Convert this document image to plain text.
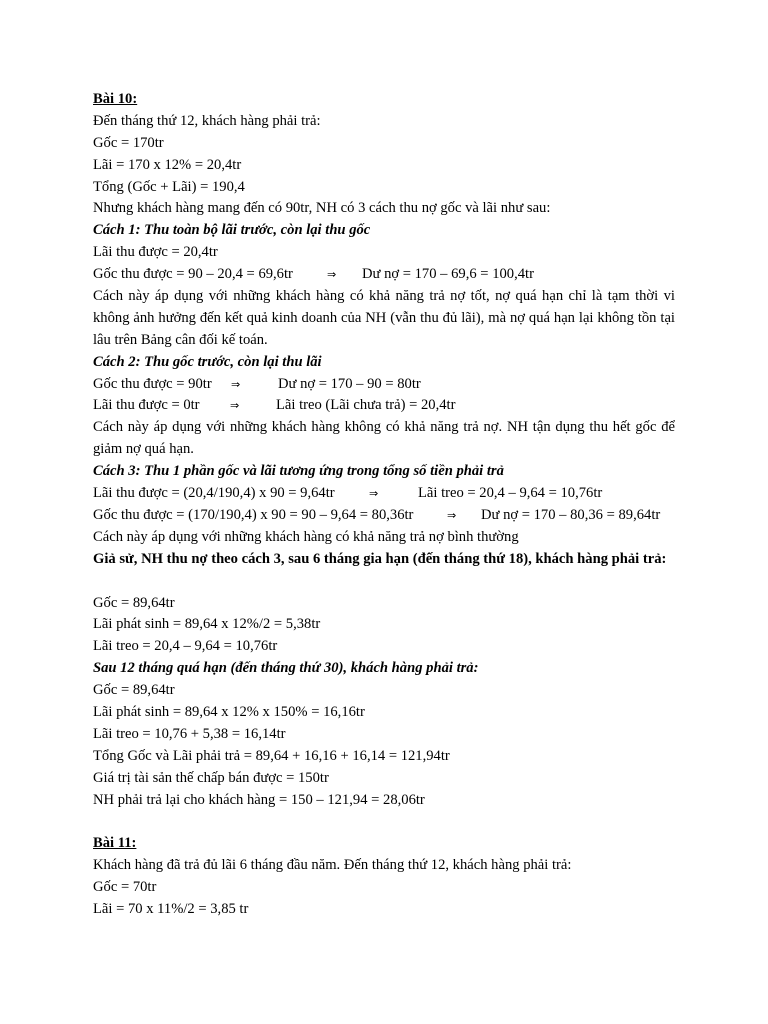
Bài 10:
Đến tháng thứ 12, khách hàng phải trả:
Gốc = 170tr
Lãi = 170 x 12% = 20,4tr
Tổng (Gốc + Lãi) = 190,4
Nhưng khách hàng mang đến có 90tr, NH có 3 cách thu nợ gốc và lãi như sau:
Cách 1: Thu toàn bộ lãi trước, còn lại thu gốc
Lãi thu được = 20,4tr
Gốc thu được = 90 – 20,4 = 69,6tr	⇒ Dư nợ = 170 – 69,6 = 100,4tr
Cách này áp dụng với những khách hàng có khả năng trả nợ tốt, nợ quá hạn chỉ là tạm thời vi không ảnh hưởng đến kết quả kinh doanh của NH (vẫn thu đủ lãi), mà nợ quá hạn lại không tồn tại lâu trên Bảng cân đối kế toán.
Cách 2: Thu gốc trước, còn lại thu lãi
Gốc thu được = 90tr ⇒	Dư nợ = 170 – 90 = 80tr
Lãi thu được = 0tr	⇒	Lãi treo (Lãi chưa trả) = 20,4tr
Cách này áp dụng với những khách hàng không có khả năng trả nợ. NH tận dụng thu hết gốc để giảm nợ quá hạn.
Cách 3: Thu 1 phần gốc và lãi tương ứng trong tổng số tiền phải trả
Lãi thu được = (20,4/190,4) x 90 = 9,64tr	⇒	Lãi treo = 20,4 – 9,64 = 10,76tr
Gốc thu được = (170/190,4) x 90 = 90 – 9,64 = 80,36tr	⇒ Dư nợ = 170 – 80,36 = 89,64tr
Cách này áp dụng với những khách hàng có khả năng trả nợ bình thường
Giả sử, NH thu nợ theo cách 3, sau 6 tháng gia hạn (đến tháng thứ 18), khách hàng phải trả:
Gốc = 89,64tr
Lãi phát sinh = 89,64 x 12%/2 = 5,38tr
Lãi treo = 20,4 – 9,64 = 10,76tr
Sau 12 tháng quá hạn (đến tháng thứ 30), khách hàng phải trả:
Gốc = 89,64tr
Lãi phát sinh = 89,64 x 12% x 150% = 16,16tr
Lãi treo = 10,76 + 5,38 = 16,14tr
Tổng Gốc và Lãi phải trả = 89,64 + 16,16 + 16,14 = 121,94tr
Giá trị tài sản thế chấp bán được = 150tr
NH phải trả lại cho khách hàng = 150 – 121,94 = 28,06tr
Bài 11:
Khách hàng đã trả đủ lãi 6 tháng đầu năm. Đến tháng thứ 12, khách hàng phải trả:
Gốc = 70tr
Lãi = 70 x 11%/2 = 3,85 tr
